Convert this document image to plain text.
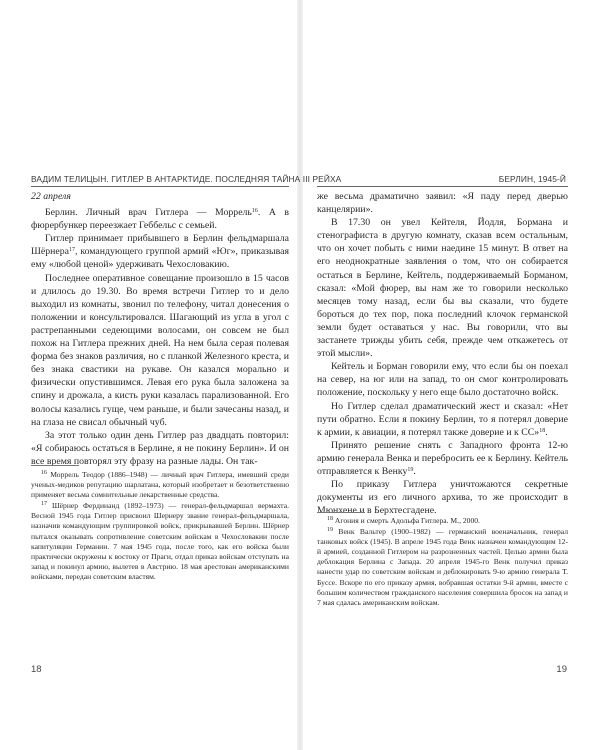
ВАДИМ ТЕЛИЦЫН. ГИТЛЕР В АНТАРКТИДЕ. ПОСЛЕДНЯЯ ТАЙНА III РЕЙХА

22 апреля

Берлин. Личный врач Гитлера — Моррель$^{16}$. А в фюрербункер переезжает Геббельс с семьей.

Гитлер принимает прибывшего в Берлин фельдмаршала Шёрнера$^{17}$, командующего группой армий «Юг», приказывая ему «любой ценой» удерживать Чехословакию.

Последнее оперативное совещание произошло в 15 часов и длилось до 19.30. Во время встречи Гитлер то и дело выходил из комнаты, звонил по телефону, читал донесения о положении и консультировался. Шагающий из угла в угол с растрепанными седеющими волосами, он совсем не был похож на Гитлера прежних дней. На нем была серая полевая форма без знаков различия, но с планкой Железного креста, и без знака свастики на рукаве. Он казался морально и физически опустившимся. Левая его рука была заложена за спину и дрожала, а кисть руки казалась парализованной. Его волосы казались гуще, чем раньше, и были зачесаны назад, и на глаза не свисал обычный чуб.

За этот только один день Гитлер раз двадцать повторил: «Я собираюсь остаться в Берлине, я не покину Берлин». И он все время повторял эту фразу на разные лады. Он так-

$^{16}$ Моррель Теодор (1886–1948) — личный врач Гитлера, имевший среди ученых-медиков репутацию шарлатана, который изобретает и безответственно применяет весьма сомнительные лекарственные средства.

$^{17}$ Шёрнер Фердинанд (1892–1973) — генерал-фельдмаршал вермахта. Весной 1945 года Гитлер присвоил Шернеру звание генерал-фельдмаршала, назначив командующим группировкой войск, прикрывавшей Берлин. Шёрнер пытался оказывать сопротивление советским войскам в Чехословакии после капитуляции Германии. 7 мая 1945 года, после того, как его войска были практически окружены к востоку от Праги, отдал приказ войскам отступать на запад и покинул армию, вылетев в Австрию. 18 мая арестован американскими войсками, передан советским властям.

18
БЕРЛИН, 1945-Й

же весьма драматично заявил: «Я паду перед дверью канцелярии».

В 17.30 он увел Кейтеля, Йодля, Бормана и стенографиста в другую комнату, сказав всем остальным, что он хочет побыть с ними наедине 15 минут. В ответ на его неоднократные заявления о том, что он собирается остаться в Берлине, Кейтель, поддерживаемый Борманом, сказал: «Мой фюрер, вы нам же то говорили несколько месяцев тому назад, если бы вы сказали, что будете бороться до тех пор, пока последний клочок германской земли будет оставаться у нас. Вы говорили, что вы застанете трижды убить себя, прежде чем откажетесь от этой мысли».

Кейтель и Борман говорили ему, что если бы он поехал на север, на юг или на запад, то он смог контролировать положение, поскольку у него еще было достаточно войск.

Но Гитлер сделал драматический жест и сказал: «Нет пути обратно. Если я покину Берлин, то я потерял доверие к армии, к авиации, я потерял также доверие и к СС»$^{18}$.

Принято решение снять с Западного фронта 12-ю армию генерала Венка и перебросить ее к Берлину. Кейтель отправляется к Венку$^{19}$.

По приказу Гитлера уничтожаются секретные документы из его личного архива, то же происходит в Мюнхене и в Берхтесгадене.

$^{18}$ Агония и смерть Адольфа Гитлера. М., 2000.

$^{19}$ Венк Вальтер (1900–1982) — германский военачальник, генерал танковых войск (1945). В апреле 1945 года Венк назначен командующим 12-й армией, созданной Гитлером на разрозненных частей. Целью армии была деблокация Берлина с Запада. 20 апреля 1945-го Венк получил приказ нанести удар по советским войскам и деблокировать 9-ю армию генерала Т. Буссе. Вскоре по его приказу армия, вобравшая остатки 9-й армии, вместе с большим количеством гражданского населения совершила бросок на запад и 7 мая сдалась американским войскам.

19
